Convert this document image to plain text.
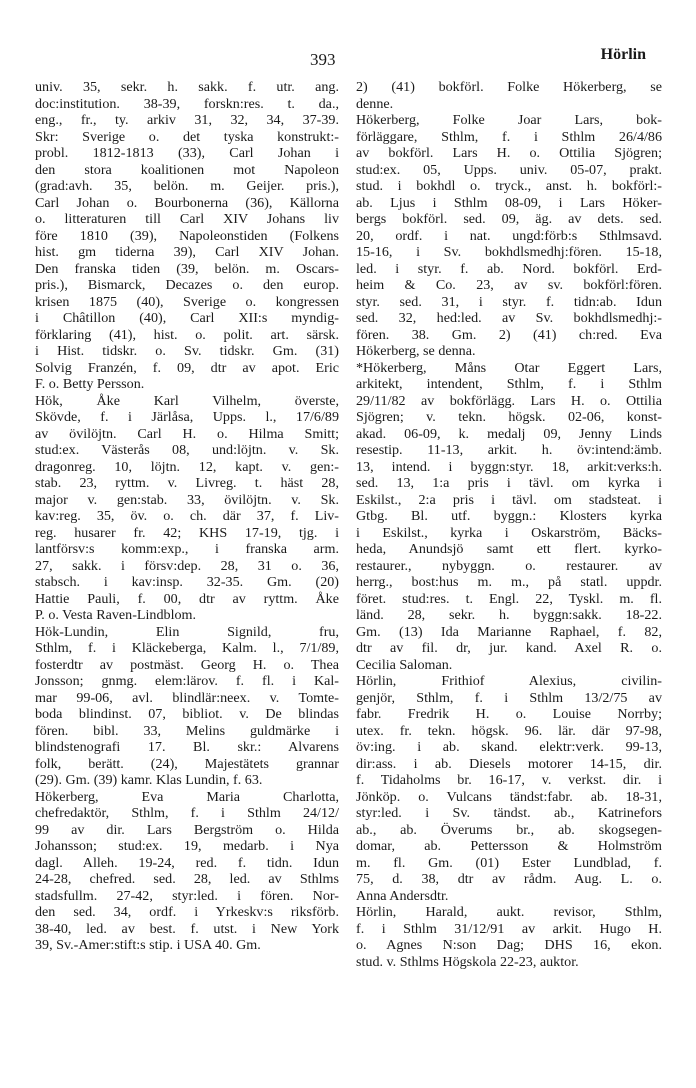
393	Hörlin
univ. 35, sekr. h. sakk. f. utr. ang.
doc:institution. 38-39, forskn:res. t. da.,
eng., fr., ty. arkiv 31, 32, 34, 37-39.
Skr: Sverige o. det tyska konstrukt:-
probl. 1812-1813 (33), Carl Johan i
den stora koalitionen mot Napoleon
(grad:avh. 35, belön. m. Geijer. pris.),
Carl Johan o. Bourbonerna (36), Källorna
o. litteraturen till Carl XIV Johans liv
före 1810 (39), Napoleonstiden (Folkens
hist. gm tiderna 39), Carl XIV Johan.
Den franska tiden (39, belön. m. Oscars-
pris.), Bismarck, Decazes o. den europ.
krisen 1875 (40), Sverige o. kongressen
i Châtillon (40), Carl XII:s myndig-
förklaring (41), hist. o. polit. art. särsk.
i Hist. tidskr. o. Sv. tidskr. Gm. (31)
Solvig Franzén, f. 09, dtr av apot. Eric
F. o. Betty Persson.
Hök, Åke Karl Vilhelm, överste,
Skövde, f. i Järlåsa, Upps. l., 17/6/89
av övilöjtn. Carl H. o. Hilma Smitt;
stud:ex. Västerås 08, und:löjtn. v. Sk.
dragonreg. 10, löjtn. 12, kapt. v. gen:-
stab. 23, ryttm. v. Livreg. t. häst 28,
major v. gen:stab. 33, övilöjtn. v. Sk.
kav:reg. 35, öv. o. ch. där 37, f. Liv-
reg. husarer fr. 42; KHS 17-19, tjg. i
lantförsv:s komm:exp., i franska arm.
27, sakk. i försv:dep. 28, 31 o. 36,
stabsch. i kav:insp. 32-35. Gm. (20)
Hattie Pauli, f. 00, dtr av ryttm. Åke
P. o. Vesta Raven-Lindblom.
Hök-Lundin, Elin Signild, fru,
Sthlm, f. i Kläckeberga, Kalm. l., 7/1/89,
fosterdtr av postmäst. Georg H. o. Thea
Jonsson; gnmg. elem:lärov. f. fl. i Kal-
mar 99-06, avl. blindlär:neex. v. Tomte-
boda blindinst. 07, bibliot. v. De blindas
fören. bibl. 33, Melins guldmärke i
blindstenografi 17. Bl. skr.: Alvarens
folk, berätt. (24), Majestätets grannar
(29). Gm. (39) kamr. Klas Lundin, f. 63.
Hökerberg, Eva Maria Charlotta,
chefredaktör, Sthlm, f. i Sthlm 24/12/
99 av dir. Lars Bergström o. Hilda
Johansson; stud:ex. 19, medarb. i Nya
dagl. Alleh. 19-24, red. f. tidn. Idun
24-28, chefred. sed. 28, led. av Sthlms
stadsfullm. 27-42, styr:led. i fören. Nor-
den sed. 34, ordf. i Yrkeskv:s riksförb.
38-40, led. av best. f. utst. i New York
39, Sv.-Amer:stift:s stip. i USA 40. Gm.
2) (41) bokförl. Folke Hökerberg, se
denne.
Hökerberg, Folke Joar Lars, bok-
förläggare, Sthlm, f. i Sthlm 26/4/86
av bokförl. Lars H. o. Ottilia Sjögren;
stud:ex. 05, Upps. univ. 05-07, prakt.
stud. i bokhdl o. tryck., anst. h. bokförl:-
ab. Ljus i Sthlm 08-09, i Lars Höker-
bergs bokförl. sed. 09, äg. av dets. sed.
20, ordf. i nat. ungd:förb:s Sthlmsavd.
15-16, i Sv. bokhdlsmedhj:fören. 15-18,
led. i styr. f. ab. Nord. bokförl. Erd-
heim & Co. 23, av sv. bokförl:fören.
styr. sed. 31, i styr. f. tidn:ab. Idun
sed. 32, hed:led. av Sv. bokhdlsmedhj:-
fören. 38. Gm. 2) (41) ch:red. Eva
Hökerberg, se denna.
*Hökerberg, Måns Otar Eggert Lars,
arkitekt, intendent, Sthlm, f. i Sthlm
29/11/82 av bokförlägg. Lars H. o. Ottilia
Sjögren; v. tekn. högsk. 02-06, konst-
akad. 06-09, k. medalj 09, Jenny Linds
resestip. 11-13, arkit. h. öv:intend:ämb.
13, intend. i byggn:styr. 18, arkit:verks:h.
sed. 13, 1:a pris i tävl. om kyrka i
Eskilst., 2:a pris i tävl. om stadsteat. i
Gtbg. Bl. utf. byggn.: Klosters kyrka
i Eskilst., kyrka i Oskarström, Bäcks-
heda, Anundsjö samt ett flert. kyrko-
restaurer., nybyggn. o. restaurer. av
herrg., bost:hus m. m., på statl. uppdr.
föret. stud:res. t. Engl. 22, Tyskl. m. fl.
länd. 28, sekr. h. byggn:sakk. 18-22.
Gm. (13) Ida Marianne Raphael, f. 82,
dtr av fil. dr, jur. kand. Axel R. o.
Cecilia Saloman.
Hörlin, Frithiof Alexius, civilin-
genjör, Sthlm, f. i Sthlm 13/2/75 av
fabr. Fredrik H. o. Louise Norrby;
utex. fr. tekn. högsk. 96. lär. där 97-98,
öv:ing. i ab. skand. elektr:verk. 99-13,
dir:ass. i ab. Diesels motorer 14-15, dir.
f. Tidaholms br. 16-17, v. verkst. dir. i
Jönköp. o. Vulcans tändst:fabr. ab. 18-31,
styr:led. i Sv. tändst. ab., Katrinefors
ab., ab. Överums br., ab. skogsegen-
domar, ab. Pettersson & Holmström
m. fl. Gm. (01) Ester Lundblad, f.
75, d. 38, dtr av rådm. Aug. L. o.
Anna Andersdtr.
Hörlin, Harald, aukt. revisor, Sthlm,
f. i Sthlm 31/12/91 av arkit. Hugo H.
o. Agnes N:son Dag; DHS 16, ekon.
stud. v. Sthlms Högskola 22-23, auktor.
